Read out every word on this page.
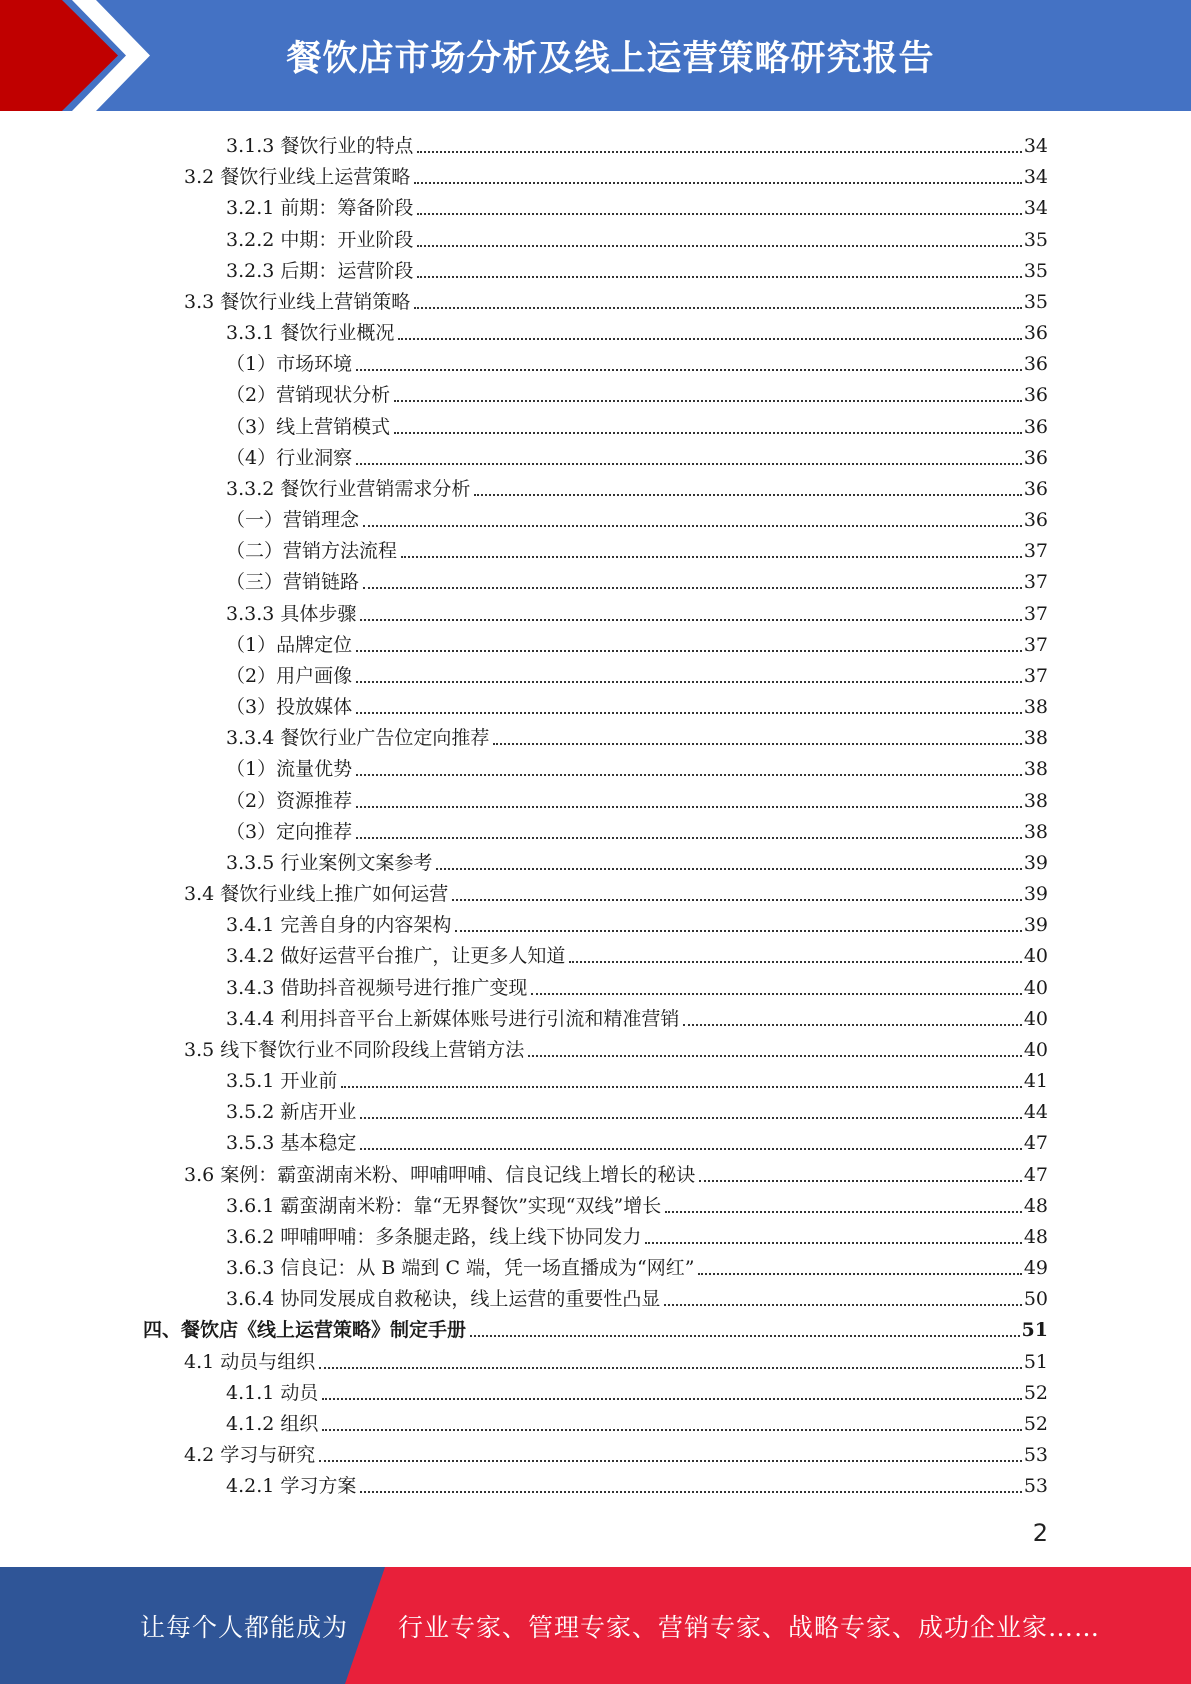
餐饮店市场分析及线上运营策略研究报告
3.1.3 餐饮行业的特点	34
3.2 餐饮行业线上运营策略	34
3.2.1 前期：筹备阶段	34
3.2.2 中期：开业阶段	35
3.2.3 后期：运营阶段	35
3.3 餐饮行业线上营销策略	35
3.3.1 餐饮行业概况	36
（1）市场环境	36
（2）营销现状分析	36
（3）线上营销模式	36
（4）行业洞察	36
3.3.2 餐饮行业营销需求分析	36
（一）营销理念	36
（二）营销方法流程	37
（三）营销链路	37
3.3.3 具体步骤	37
（1）品牌定位	37
（2）用户画像	37
（3）投放媒体	38
3.3.4 餐饮行业广告位定向推荐	38
（1）流量优势	38
（2）资源推荐	38
（3）定向推荐	38
3.3.5 行业案例文案参考	39
3.4 餐饮行业线上推广如何运营	39
3.4.1 完善自身的内容架构	39
3.4.2 做好运营平台推广，让更多人知道	40
3.4.3 借助抖音视频号进行推广变现	40
3.4.4 利用抖音平台上新媒体账号进行引流和精准营销	40
3.5 线下餐饮行业不同阶段线上营销方法	40
3.5.1 开业前	41
3.5.2 新店开业	44
3.5.3 基本稳定	47
3.6 案例：霸蛮湖南米粉、呷哺呷哺、信良记线上增长的秘诀	47
3.6.1 霸蛮湖南米粉：靠“无界餐饮”实现“双线”增长	48
3.6.2 呷哺呷哺：多条腿走路，线上线下协同发力	48
3.6.3 信良记：从 B 端到 C 端，凭一场直播成为“网红”	49
3.6.4 协同发展成自救秘诀，线上运营的重要性凸显	50
四、餐饮店《线上运营策略》制定手册	51
4.1 动员与组织	51
4.1.1 动员	52
4.1.2 组织	52
4.2 学习与研究	53
4.2.1 学习方案	53
2
让每个人都能成为 行业专家、管理专家、营销专家、战略专家、成功企业家……
